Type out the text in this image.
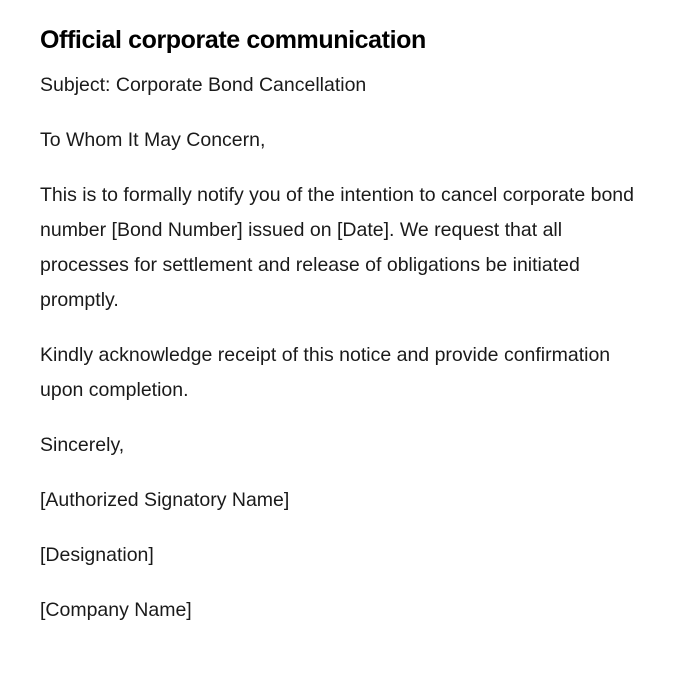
Official corporate communication

Subject: Corporate Bond Cancellation

To Whom It May Concern,

This is to formally notify you of the intention to cancel corporate bond number [Bond Number] issued on [Date]. We request that all processes for settlement and release of obligations be initiated promptly.

Kindly acknowledge receipt of this notice and provide confirmation upon completion.

Sincerely,

[Authorized Signatory Name]

[Designation]

[Company Name]
